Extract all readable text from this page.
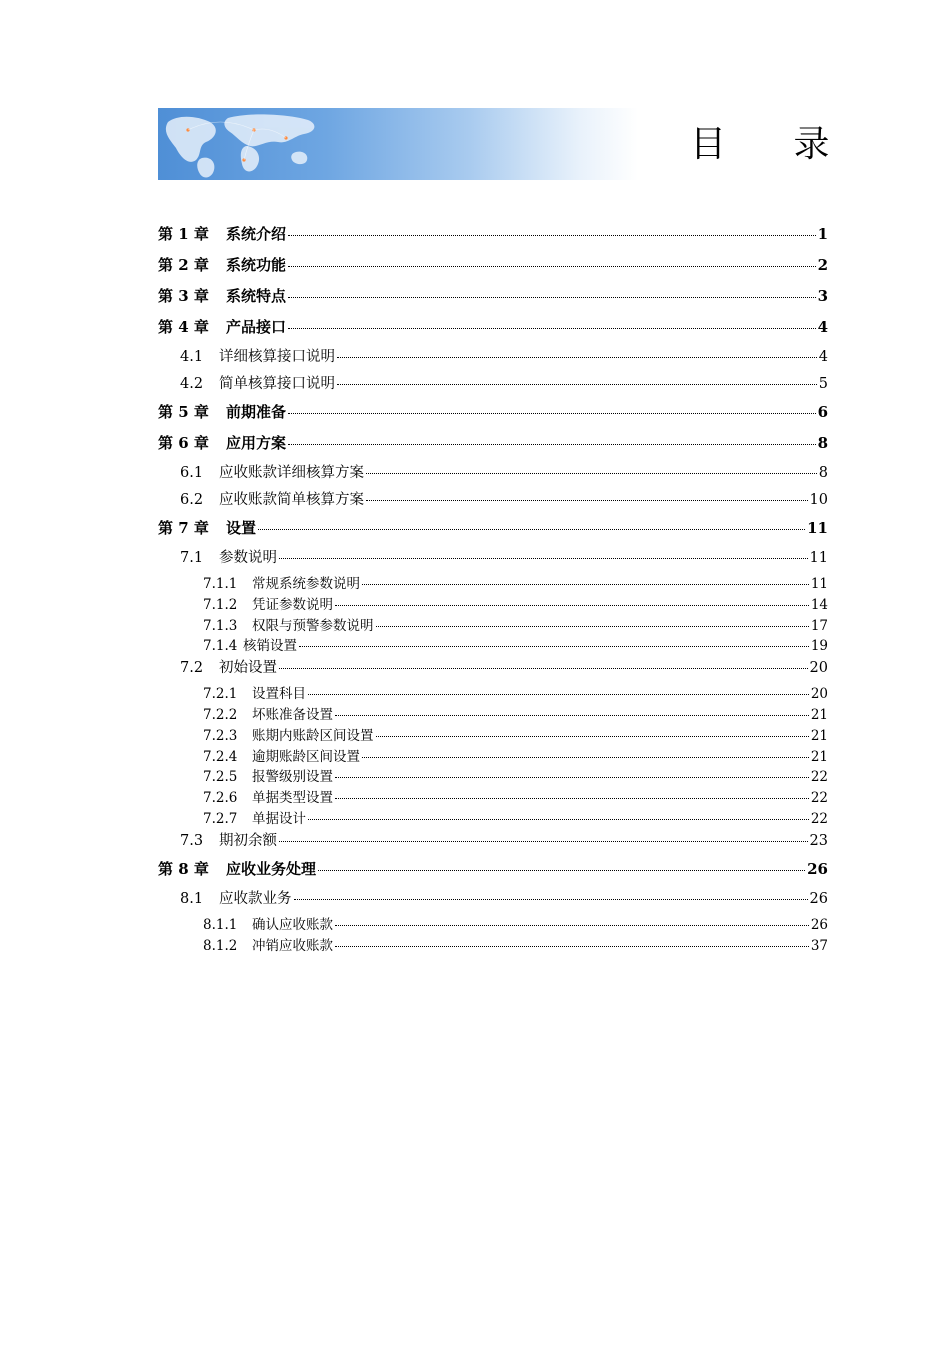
目 录
第 1 章	系统介绍	1
第 2 章	系统功能	2
第 3 章	系统特点	3
第 4 章	产品接口	4
4.1	详细核算接口说明	4
4.2	简单核算接口说明	5
第 5 章	前期准备	6
第 6 章	应用方案	8
6.1	应收账款详细核算方案	8
6.2	应收账款简单核算方案	10
第 7 章	设置	11
7.1	参数说明	11
7.1.1	常规系统参数说明	11
7.1.2	凭证参数说明	14
7.1.3	权限与预警参数说明	17
7.1.4 核销设置	19
7.2	初始设置	20
7.2.1	设置科目	20
7.2.2	坏账准备设置	21
7.2.3	账期内账龄区间设置	21
7.2.4	逾期账龄区间设置	21
7.2.5	报警级别设置	22
7.2.6	单据类型设置	22
7.2.7	单据设计	22
7.3	期初余额	23
第 8 章	应收业务处理	26
8.1	应收款业务	26
8.1.1	确认应收账款	26
8.1.2	冲销应收账款	37
